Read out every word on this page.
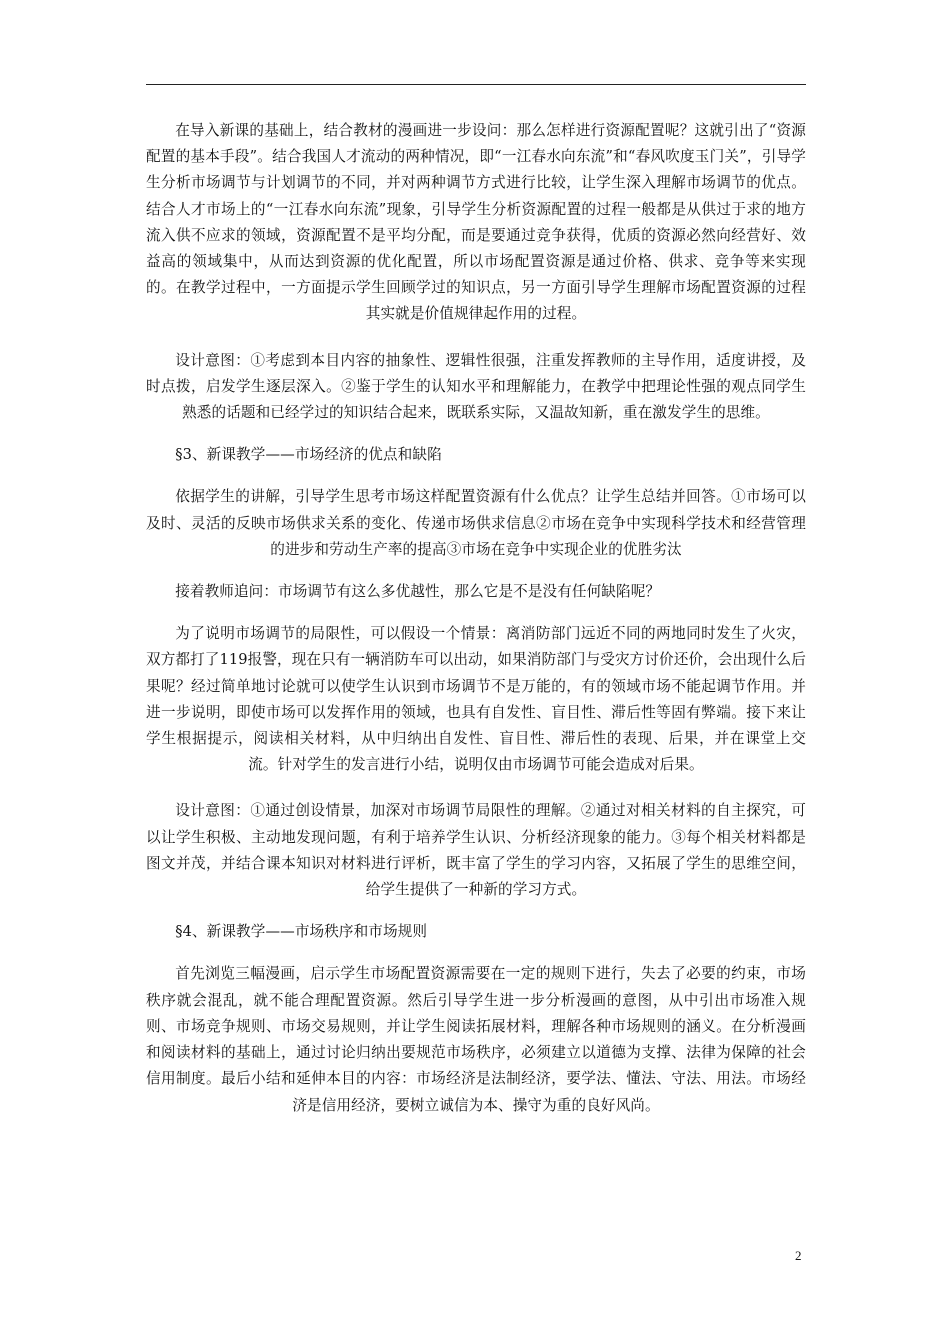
在导入新课的基础上，结合教材的漫画进一步设问：那么怎样进行资源配置呢？这就引出了“资源配置的基本手段”。结合我国人才流动的两种情况，即“一江春水向东流”和“春风吹度玉门关”，引导学生分析市场调节与计划调节的不同，并对两种调节方式进行比较，让学生深入理解市场调节的优点。结合人才市场上的“一江春水向东流”现象，引导学生分析资源配置的过程一般都是从供过于求的地方流入供不应求的领域，资源配置不是平均分配，而是要通过竞争获得，优质的资源必然向经营好、效益高的领域集中，从而达到资源的优化配置，所以市场配置资源是通过价格、供求、竞争等来实现的。在教学过程中，一方面提示学生回顾学过的知识点，另一方面引导学生理解市场配置资源的过程其实就是价值规律起作用的过程。

设计意图：①考虑到本目内容的抽象性、逻辑性很强，注重发挥教师的主导作用，适度讲授，及时点拨，启发学生逐层深入。②鉴于学生的认知水平和理解能力，在教学中把理论性强的观点同学生熟悉的话题和已经学过的知识结合起来，既联系实际，又温故知新，重在激发学生的思维。

§3、新课教学——市场经济的优点和缺陷

依据学生的讲解，引导学生思考市场这样配置资源有什么优点？让学生总结并回答。①市场可以及时、灵活的反映市场供求关系的变化、传递市场供求信息②市场在竞争中实现科学技术和经营管理的进步和劳动生产率的提高③市场在竞争中实现企业的优胜劣汰

接着教师追问：市场调节有这么多优越性，那么它是不是没有任何缺陷呢？

为了说明市场调节的局限性，可以假设一个情景：离消防部门远近不同的两地同时发生了火灾，双方都打了119报警，现在只有一辆消防车可以出动，如果消防部门与受灾方讨价还价，会出现什么后果呢？经过简单地讨论就可以使学生认识到市场调节不是万能的，有的领域市场不能起调节作用。并进一步说明，即使市场可以发挥作用的领域，也具有自发性、盲目性、滞后性等固有弊端。接下来让学生根据提示，阅读相关材料，从中归纳出自发性、盲目性、滞后性的表现、后果，并在课堂上交流。针对学生的发言进行小结，说明仅由市场调节可能会造成对后果。

设计意图：①通过创设情景，加深对市场调节局限性的理解。②通过对相关材料的自主探究，可以让学生积极、主动地发现问题，有利于培养学生认识、分析经济现象的能力。③每个相关材料都是图文并茂，并结合课本知识对材料进行评析，既丰富了学生的学习内容，又拓展了学生的思维空间，给学生提供了一种新的学习方式。

§4、新课教学——市场秩序和市场规则

首先浏览三幅漫画，启示学生市场配置资源需要在一定的规则下进行，失去了必要的约束，市场秩序就会混乱，就不能合理配置资源。然后引导学生进一步分析漫画的意图，从中引出市场准入规则、市场竞争规则、市场交易规则，并让学生阅读拓展材料，理解各种市场规则的涵义。在分析漫画和阅读材料的基础上，通过讨论归纳出要规范市场秩序，必须建立以道德为支撑、法律为保障的社会信用制度。最后小结和延伸本目的内容：市场经济是法制经济，要学法、懂法、守法、用法。市场经济是信用经济，要树立诚信为本、操守为重的良好风尚。

2
